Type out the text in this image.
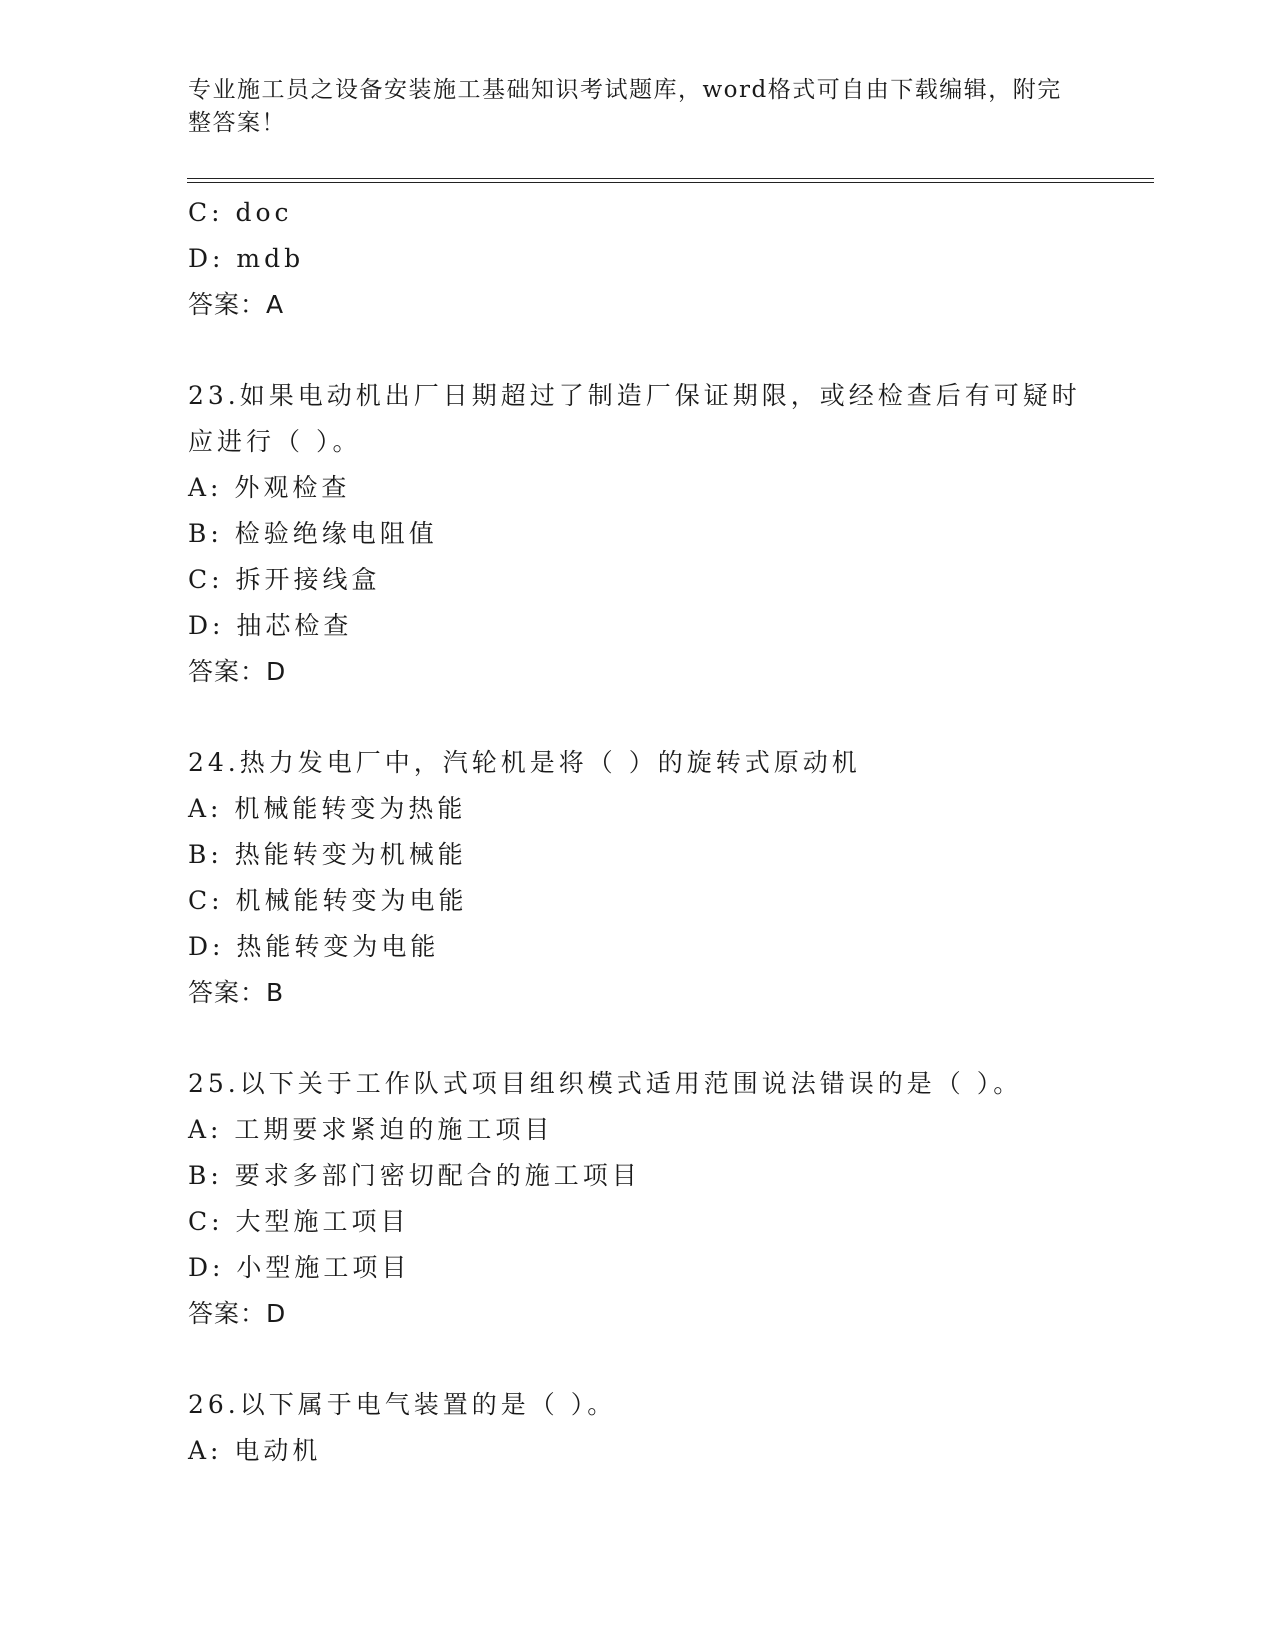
专业施工员之设备安装施工基础知识考试题库，word格式可自由下载编辑，附完
整答案！
C: doc
D: mdb
答案：A
23.如果电动机出厂日期超过了制造厂保证期限，或经检查后有可疑时
应进行（ ）。
A: 外观检查
B: 检验绝缘电阻值
C: 拆开接线盒
D: 抽芯检查
答案：D
24.热力发电厂中，汽轮机是将（ ）的旋转式原动机
A: 机械能转变为热能
B: 热能转变为机械能
C: 机械能转变为电能
D: 热能转变为电能
答案：B
25.以下关于工作队式项目组织模式适用范围说法错误的是（ ）。
A: 工期要求紧迫的施工项目
B: 要求多部门密切配合的施工项目
C: 大型施工项目
D: 小型施工项目
答案：D
26.以下属于电气装置的是（ ）。
A: 电动机
